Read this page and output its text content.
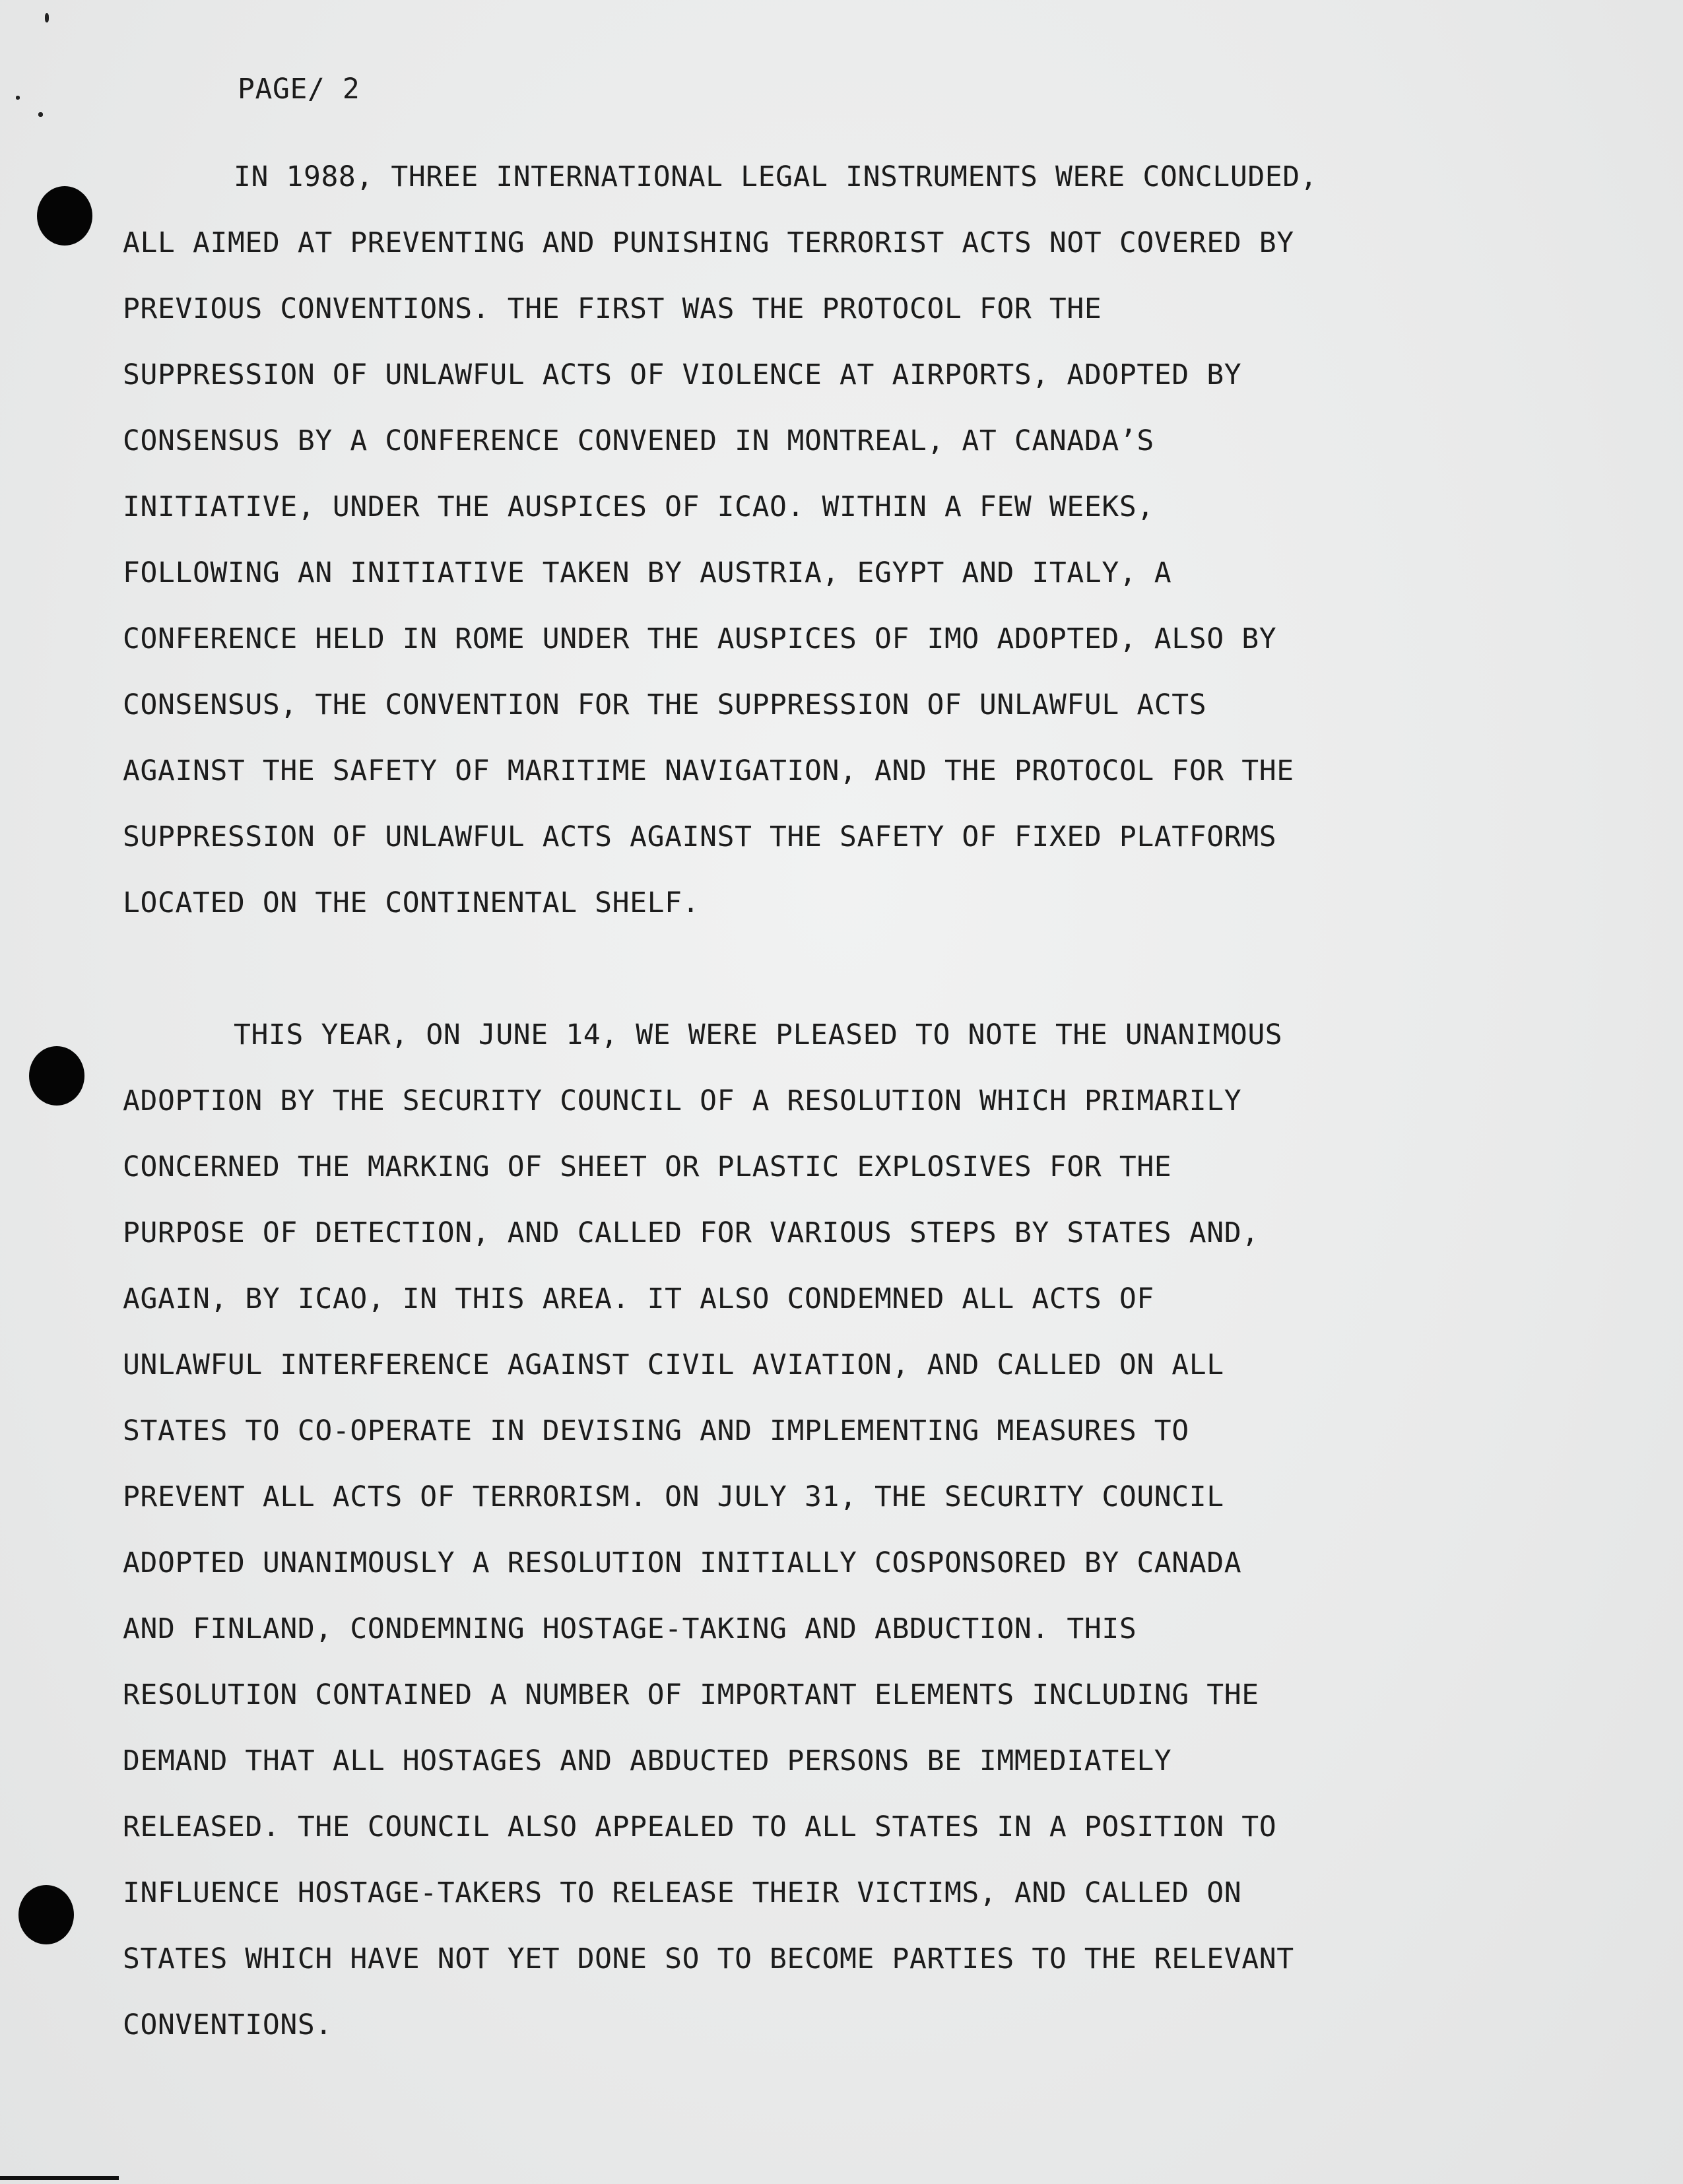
PAGE/ 2

IN 1988, THREE INTERNATIONAL LEGAL INSTRUMENTS WERE CONCLUDED,
ALL AIMED AT PREVENTING AND PUNISHING TERRORIST ACTS NOT COVERED BY
PREVIOUS CONVENTIONS. THE FIRST WAS THE PROTOCOL FOR THE
SUPPRESSION OF UNLAWFUL ACTS OF VIOLENCE AT AIRPORTS, ADOPTED BY
CONSENSUS BY A CONFERENCE CONVENED IN MONTREAL, AT CANADA’S
INITIATIVE, UNDER THE AUSPICES OF ICAO. WITHIN A FEW WEEKS,
FOLLOWING AN INITIATIVE TAKEN BY AUSTRIA, EGYPT AND ITALY, A
CONFERENCE HELD IN ROME UNDER THE AUSPICES OF IMO ADOPTED, ALSO BY
CONSENSUS, THE CONVENTION FOR THE SUPPRESSION OF UNLAWFUL ACTS
AGAINST THE SAFETY OF MARITIME NAVIGATION, AND THE PROTOCOL FOR THE
SUPPRESSION OF UNLAWFUL ACTS AGAINST THE SAFETY OF FIXED PLATFORMS
LOCATED ON THE CONTINENTAL SHELF.

THIS YEAR, ON JUNE 14, WE WERE PLEASED TO NOTE THE UNANIMOUS
ADOPTION BY THE SECURITY COUNCIL OF A RESOLUTION WHICH PRIMARILY
CONCERNED THE MARKING OF SHEET OR PLASTIC EXPLOSIVES FOR THE
PURPOSE OF DETECTION, AND CALLED FOR VARIOUS STEPS BY STATES AND,
AGAIN, BY ICAO, IN THIS AREA. IT ALSO CONDEMNED ALL ACTS OF
UNLAWFUL INTERFERENCE AGAINST CIVIL AVIATION, AND CALLED ON ALL
STATES TO CO-OPERATE IN DEVISING AND IMPLEMENTING MEASURES TO
PREVENT ALL ACTS OF TERRORISM. ON JULY 31, THE SECURITY COUNCIL
ADOPTED UNANIMOUSLY A RESOLUTION INITIALLY COSPONSORED BY CANADA
AND FINLAND, CONDEMNING HOSTAGE-TAKING AND ABDUCTION. THIS
RESOLUTION CONTAINED A NUMBER OF IMPORTANT ELEMENTS INCLUDING THE
DEMAND THAT ALL HOSTAGES AND ABDUCTED PERSONS BE IMMEDIATELY
RELEASED. THE COUNCIL ALSO APPEALED TO ALL STATES IN A POSITION TO
INFLUENCE HOSTAGE-TAKERS TO RELEASE THEIR VICTIMS, AND CALLED ON
STATES WHICH HAVE NOT YET DONE SO TO BECOME PARTIES TO THE RELEVANT
CONVENTIONS.
